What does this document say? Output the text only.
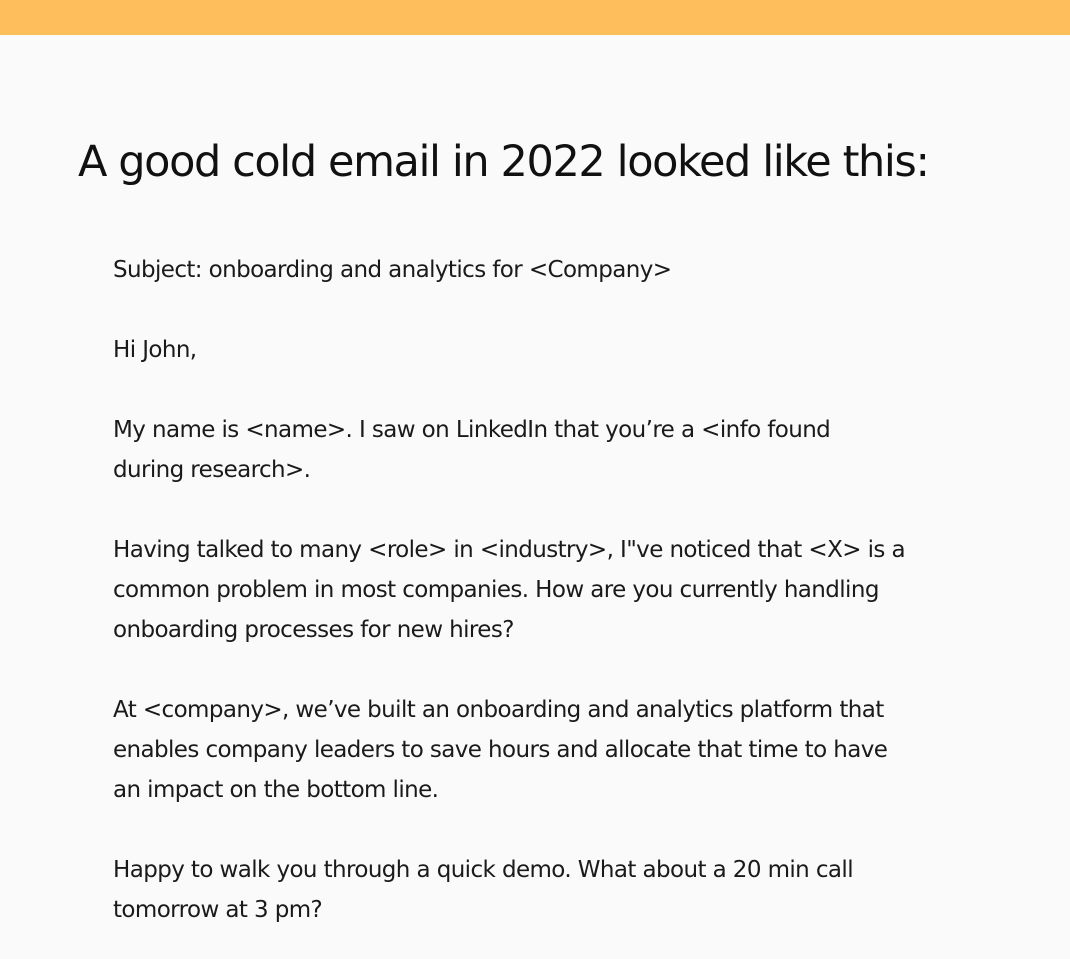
A good cold email in 2022 looked like this:
Subject: onboarding and analytics for <Company>
Hi John,
My name is <name>. I saw on LinkedIn that you’re a <info found
during research>.
Having talked to many <role> in <industry>, I"ve noticed that <X> is a
common problem in most companies. How are you currently handling
onboarding processes for new hires?
At <company>, we’ve built an onboarding and analytics platform that
enables company leaders to save hours and allocate that time to have
an impact on the bottom line.
Happy to walk you through a quick demo. What about a 20 min call
tomorrow at 3 pm?
